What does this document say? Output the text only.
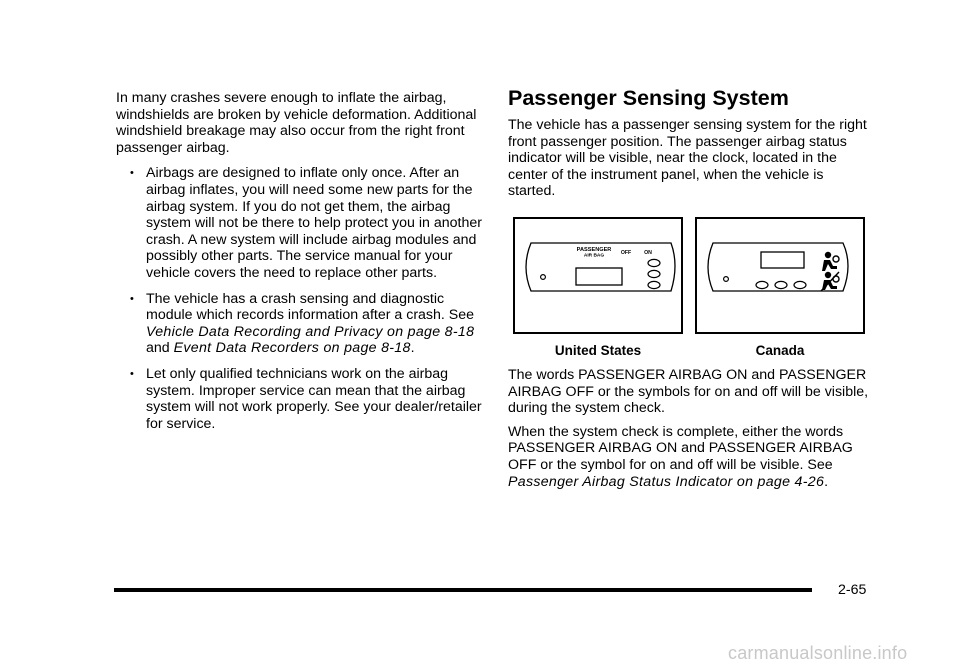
In many crashes severe enough to inflate the airbag, windshields are broken by vehicle deformation. Additional windshield breakage may also occur from the right front passenger airbag.

• Airbags are designed to inflate only once. After an airbag inflates, you will need some new parts for the airbag system. If you do not get them, the airbag system will not be there to help protect you in another crash. A new system will include airbag modules and possibly other parts. The service manual for your vehicle covers the need to replace other parts.

• The vehicle has a crash sensing and diagnostic module which records information after a crash. See Vehicle Data Recording and Privacy on page 8‑18 and Event Data Recorders on page 8‑18.

• Let only qualified technicians work on the airbag system. Improper service can mean that the airbag system will not work properly. See your dealer/retailer for service.

Passenger Sensing System

The vehicle has a passenger sensing system for the right front passenger position. The passenger airbag status indicator will be visible, near the clock, located in the center of the instrument panel, when the vehicle is started.

PASSENGER
AIR BAG	OFF ON
United States	Canada

The words PASSENGER AIRBAG ON and PASSENGER AIRBAG OFF or the symbols for on and off will be visible, during the system check.

When the system check is complete, either the words PASSENGER AIRBAG ON and PASSENGER AIRBAG OFF or the symbol for on and off will be visible. See Passenger Airbag Status Indicator on page 4‑26.

2-65
carmanualsonline.info
